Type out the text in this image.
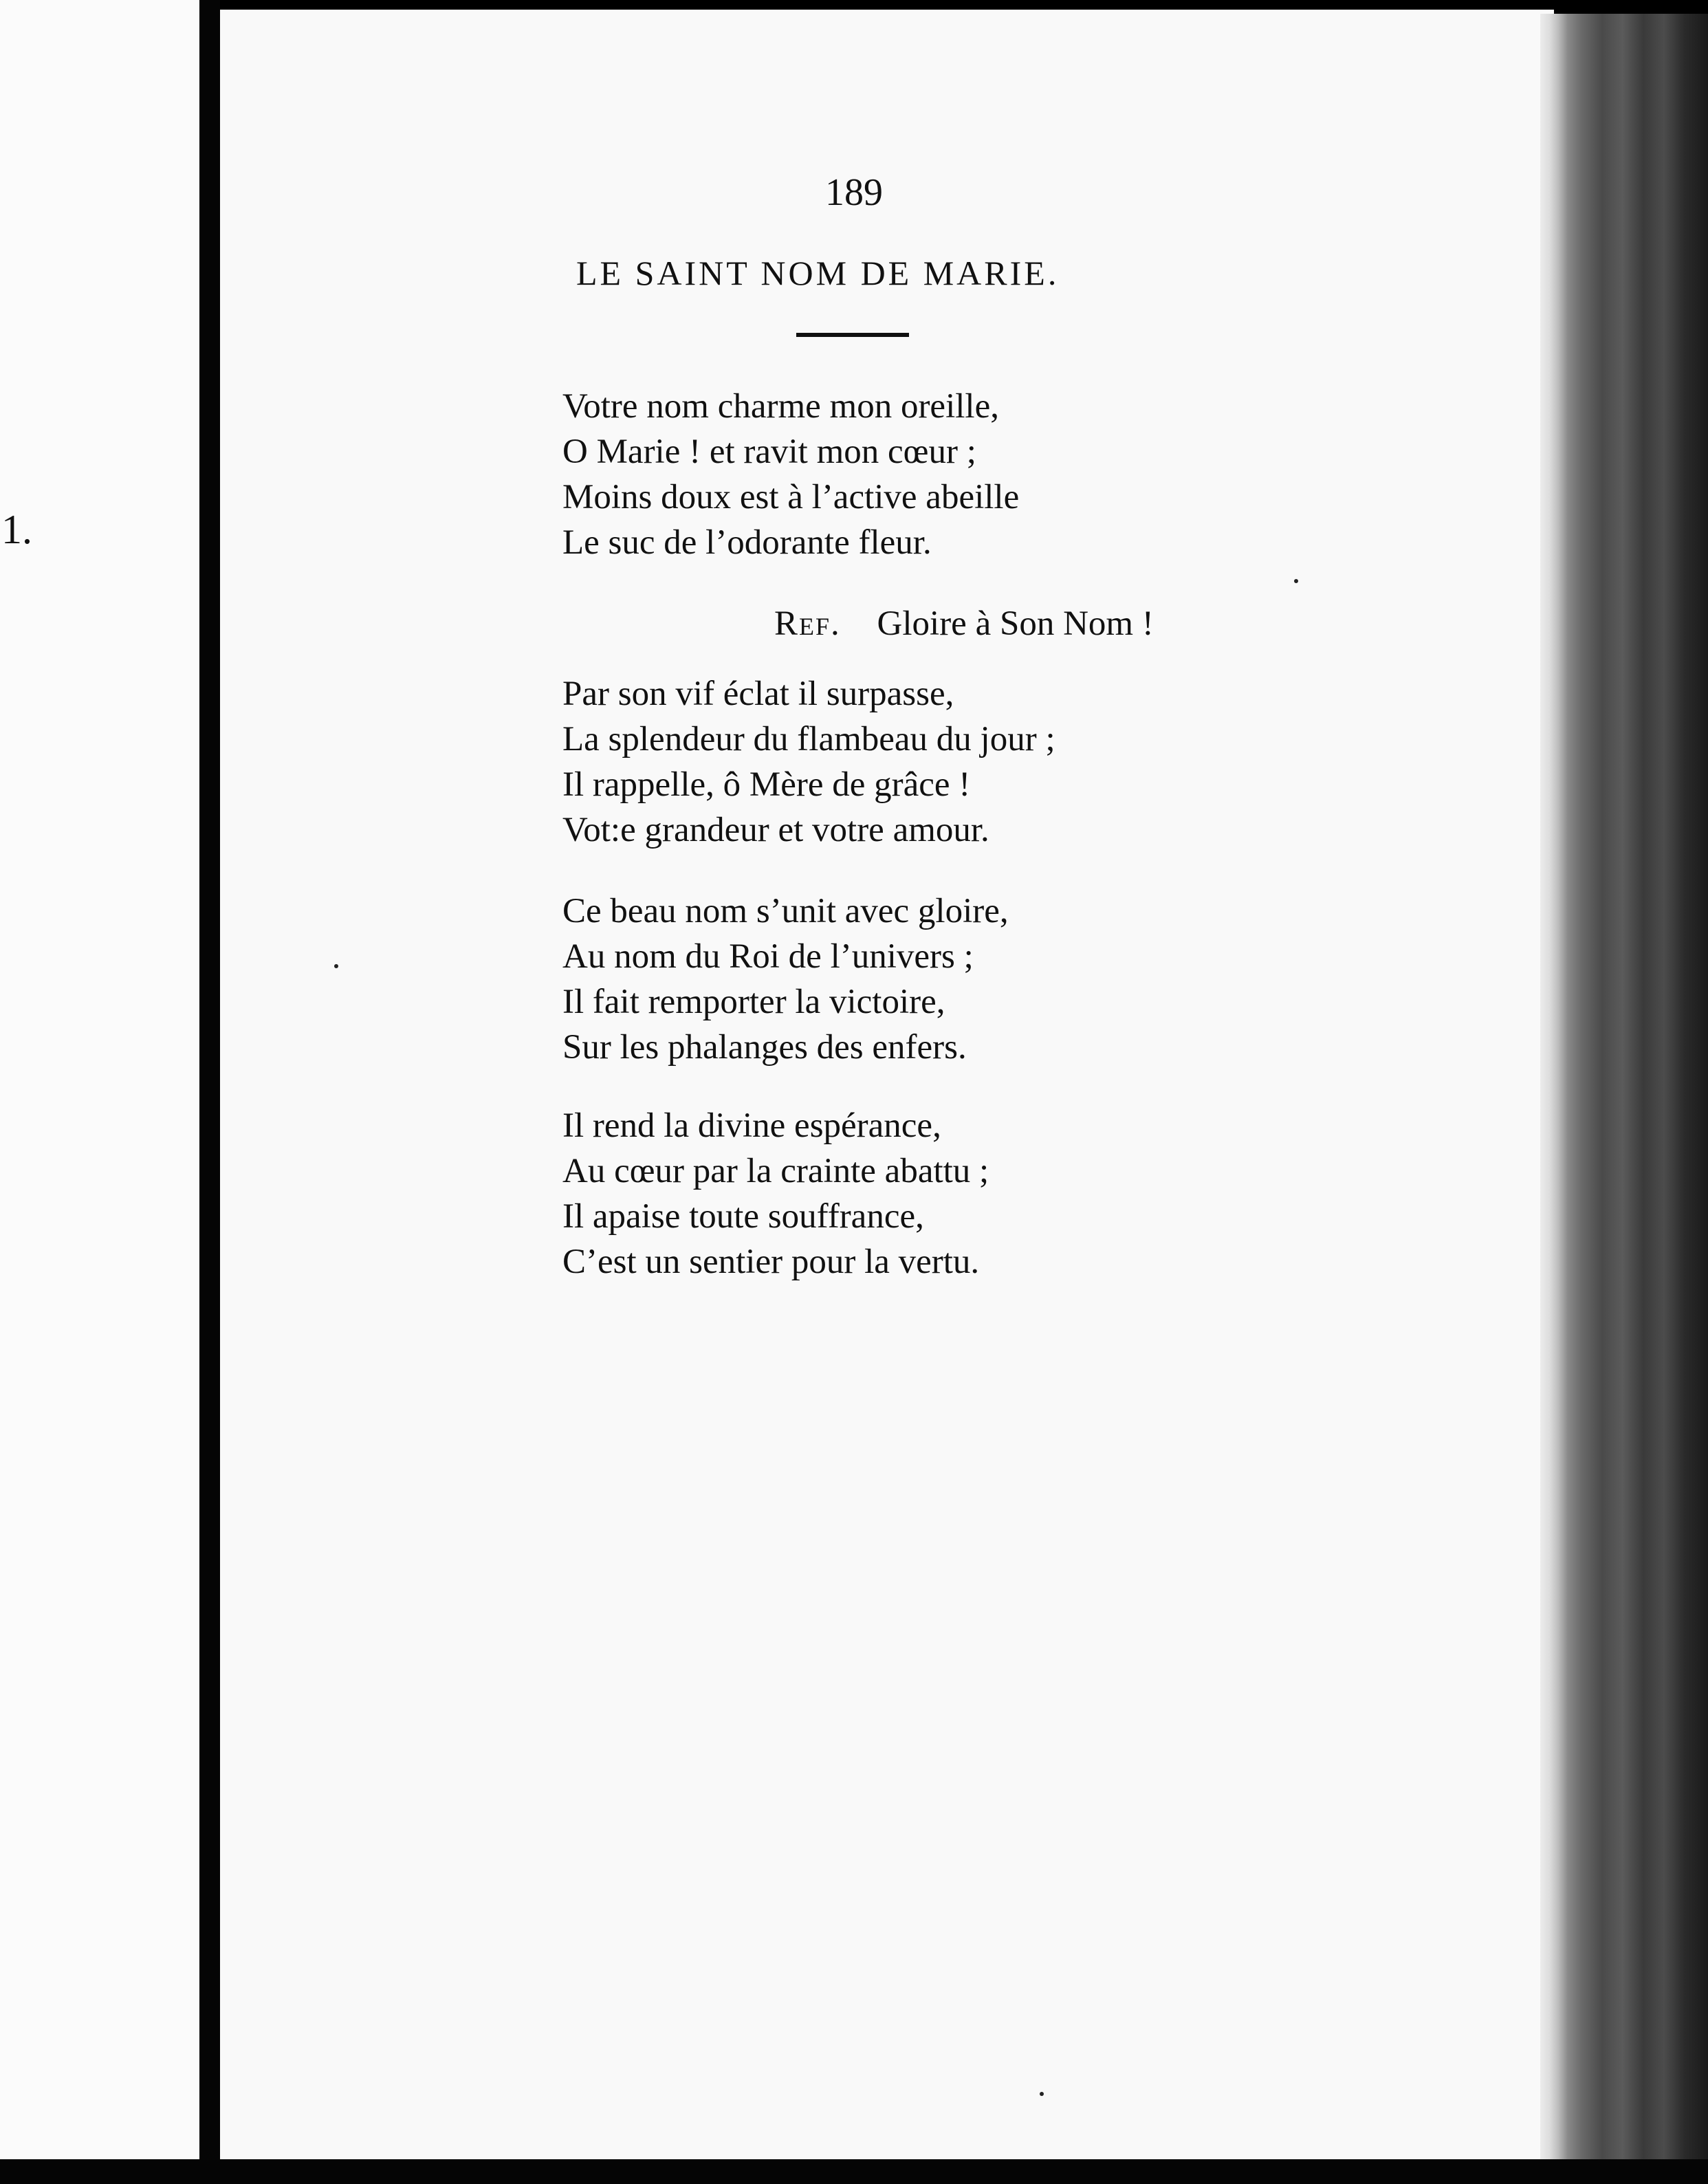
1.
189
LE SAINT NOM DE MARIE.
Votre nom charme mon oreille,
O Marie ! et ravit mon cœur ;
Moins doux est à l’active abeille
Le suc de l’odorante fleur.
Ref. Gloire à Son Nom !
Par son vif éclat il surpasse,
La splendeur du flambeau du jour ;
Il rappelle, ô Mère de grâce !
Vot:e grandeur et votre amour.
Ce beau nom s’unit avec gloire,
Au nom du Roi de l’univers ;
Il fait remporter la victoire,
Sur les phalanges des enfers.
Il rend la divine espérance,
Au cœur par la crainte abattu ;
Il apaise toute souffrance,
C’est un sentier pour la vertu.
